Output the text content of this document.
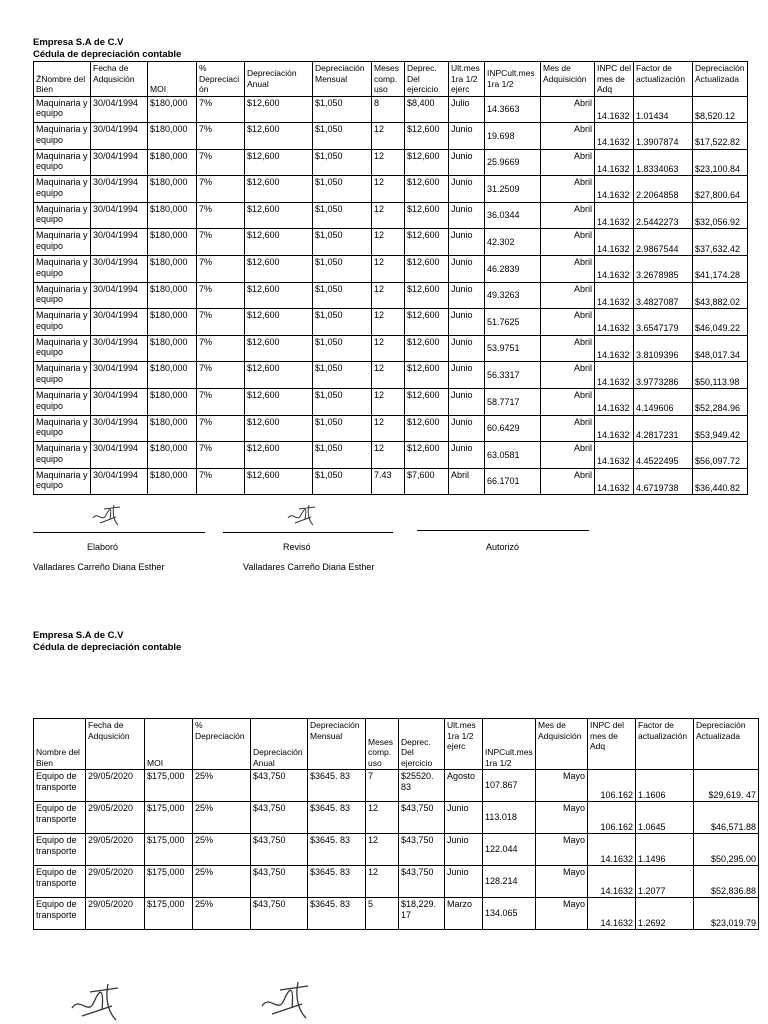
Empresa S.A de C.V
Cédula de depreciación contable
ŽNombre del Bien	Fecha de Adqusición	MOI	% Depreciación	Depreciación Anual	Depreciación Mensual	Meses comp. uso	Deprec. Del ejercicio	Ult.mes 1ra 1/2 ejerc	INPCult.mes 1ra 1/2	Mes de Adquisición	INPC del mes de Adq	Factor de actualización	Depreciación Actualizada
Maquinaria y equipo	30/04/1994	$180,000	7%	$12,600	$1,050	8	$8,400	Julio	14.3663	Abril	14.1632	1.01434	$8,520.12
Maquinaria y equipo	30/04/1994	$180,000	7%	$12,600	$1,050	12	$12,600	Junio	19.698	Abril	14.1632	1.3907874	$17,522.82
Maquinaria y equipo	30/04/1994	$180,000	7%	$12,600	$1,050	12	$12,600	Junio	25.9669	Abril	14.1632	1.8334063	$23,100.84
Maquinaria y equipo	30/04/1994	$180,000	7%	$12,600	$1,050	12	$12,600	Junio	31.2509	Abril	14.1632	2.2064858	$27,800.64
Maquinaria y equipo	30/04/1994	$180,000	7%	$12,600	$1,050	12	$12,600	Junio	36.0344	Abril	14.1632	2.5442273	$32,056.92
Maquinaria y equipo	30/04/1994	$180,000	7%	$12,600	$1,050	12	$12,600	Junio	42.302	Abril	14.1632	2.9867544	$37,632.42
Maquinaria y equipo	30/04/1994	$180,000	7%	$12,600	$1,050	12	$12,600	Junio	46.2839	Abril	14.1632	3.2678985	$41,174.28
Maquinaria y equipo	30/04/1994	$180,000	7%	$12,600	$1,050	12	$12,600	Junio	49.3263	Abril	14.1632	3.4827087	$43,882.02
Maquinaria y equipo	30/04/1994	$180,000	7%	$12,600	$1,050	12	$12,600	Junio	51.7625	Abril	14.1632	3.6547179	$46,049.22
Maquinaria y equipo	30/04/1994	$180,000	7%	$12,600	$1,050	12	$12,600	Junio	53.9751	Abril	14.1632	3.8109396	$48,017.34
Maquinaria y equipo	30/04/1994	$180,000	7%	$12,600	$1,050	12	$12,600	Junio	56.3317	Abril	14.1632	3.9773286	$50,113.98
Maquinaria y equipo	30/04/1994	$180,000	7%	$12,600	$1,050	12	$12,600	Junio	58.7717	Abril	14.1632	4.149606	$52,284.96
Maquinaria y equipo	30/04/1994	$180,000	7%	$12,600	$1,050	12	$12,600	Junio	60.6429	Abril	14.1632	4.2817231	$53,949.42
Maquinaria y equipo	30/04/1994	$180,000	7%	$12,600	$1,050	12	$12,600	Junio	63.0581	Abril	14.1632	4.4522495	$56,097.72
Maquinaria y equipo	30/04/1994	$180,000	7%	$12,600	$1,050	7.43	$7,600	Abril	66.1701	Abril	14.1632	4.6719738	$36,440.82
Elaboró	Revisó	Autorizó
Valladares Carreño Diana Esther	Valladares Carreño Diana Esther
Empresa S.A de C.V
Cédula de depreciación contable
Nombre del Bien	Fecha de Adqusición	MOI	% Depreciación	Depreciación Anual	Depreciación Mensual	Meses comp. uso	Deprec. Del ejercicio	Ult.mes 1ra 1/2 ejerc	INPCult.mes 1ra 1/2	Mes de Adquisición	INPC del mes de Adq	Factor de actualización	Depreciación Actualizada
Equipo de transporte	29/05/2020	$175,000	25%	$43,750	$3645. 83	7	$25520. 83	Agosto	107.867	Mayo	106.162	1.1606	$29,619. 47
Equipo de transporte	29/05/2020	$175,000	25%	$43,750	$3645. 83	12	$43,750	Junio	113.018	Mayo	106.162	1.0645	$46,571.88
Equipo de transporte	29/05/2020	$175,000	25%	$43,750	$3645. 83	12	$43,750	Junio	122.044	Mayo	14.1632	1.1496	$50,295.00
Equipo de transporte	29/05/2020	$175,000	25%	$43,750	$3645. 83	12	$43,750	Junio	128.214	Mayo	14.1632	1.2077	$52,836.88
Equipo de transporte	29/05/2020	$175,000	25%	$43,750	$3645. 83	5	$18,229. 17	Marzo	134.065	Mayo	14.1632	1.2692	$23,019.79
